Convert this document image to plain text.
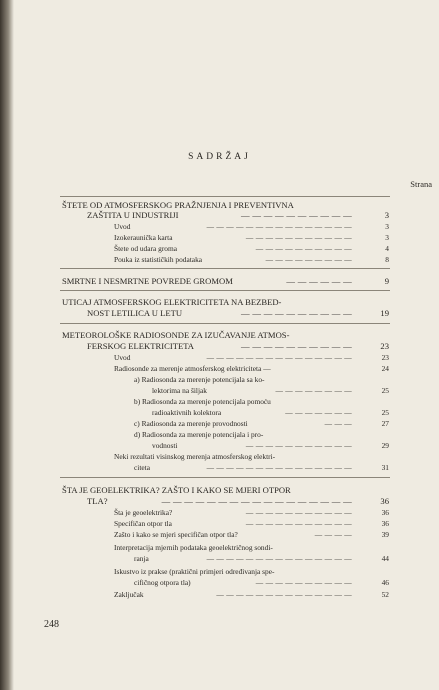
SADRŽAJ
Strana
ŠTETE OD ATMOSFERSKOG PRAŽNJENJA I PREVENTIVNA
ZAŠTITA U INDUSTRIJI	— — — — — — — — — —	3
Uvod	— — — — — — — — — — — — — — —	3
Izokeraunička karta	— — — — — — — — — — —	3
Štete od udara groma	— — — — — — — — — —	4
Pouka iz statističkih podataka	— — — — — — — — —	8
SMRTNE I NESMRTNE POVREDE GROMOM	— — — — — —	9
UTICAJ ATMOSFERSKOG ELEKTRICITETA NA BEZBED-
NOST LETILICA U LETU	— — — — — — — — — —	19
METEOROLOŠKE RADIOSONDE ZA IZUČAVANJE ATMOS-
FERSKOG ELEKTRICITETA	— — — — — — — — — —	23
Uvod	— — — — — — — — — — — — — — —	23
Radiosonde za merenje atmosferskog elektriciteta —	24
a) Radiosonda za merenje potencijala sa ko-
lektorima na šiljak	— — — — — — — —	25
b) Radiosonda za merenje potencijala pomoću
radioaktivnih kolektora	— — — — — — —	25
c) Radiosonda za merenje provodnosti	— — —	27
d) Radiosonda za merenje potencijala i pro-
vodnosti	— — — — — — — — — — —	29
Neki rezultati visinskog merenja atmosferskog elektri-
citeta	— — — — — — — — — — — — — — —	31
ŠTA JE GEOELEKTRIKA? ZAŠTO I KAKO SE MJERI OTPOR
TLA?	— — — — — — — — — — — — — — — — —	36
Šta je geoelektrika?	— — — — — — — — — — —	36
Specifičan otpor tla	— — — — — — — — — — —	36
Zašto i kako se mjeri specifičan otpor tla?	— — — —	39
Interpretacija mjernih podataka geoelektričnog sondi-
ranja	— — — — — — — — — — — — — — —	44
Iskustvo iz prakse (praktični primjeri određivanja spe-
cifičnog otpora tla)	— — — — — — — — — —	46
Zaključak	— — — — — — — — — — — — — —	52
248
